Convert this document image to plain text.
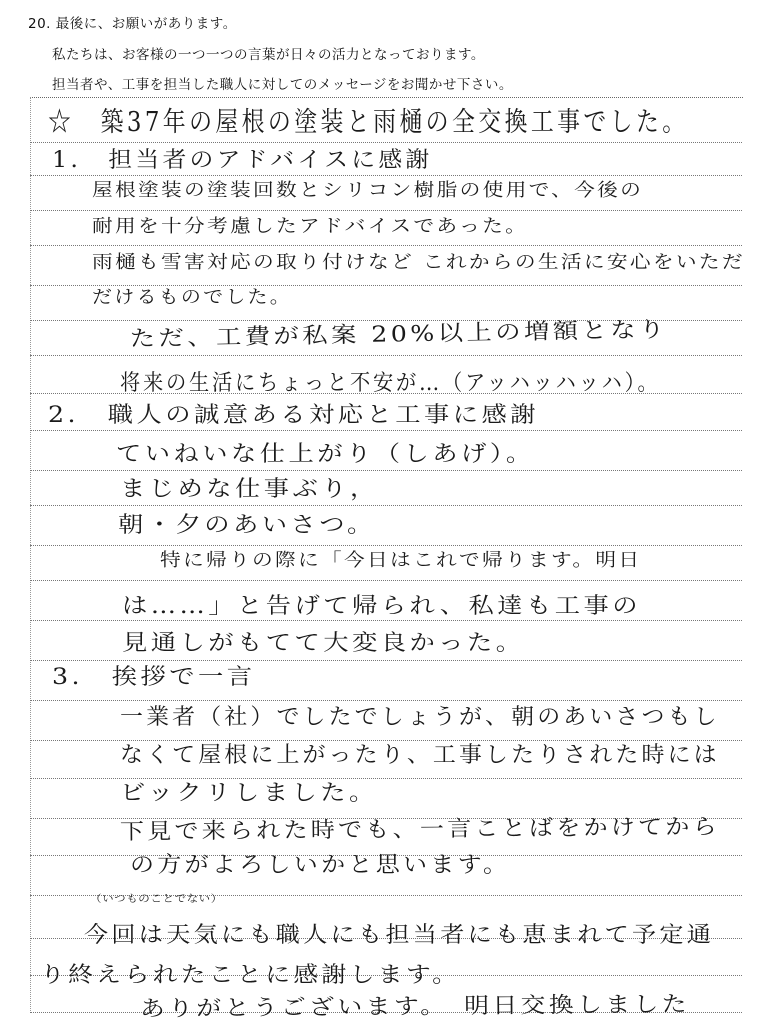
20. 最後に、お願いがあります。
私たちは、お客様の一つ一つの言葉が日々の活力となっております。
担当者や、工事を担当した職人に対してのメッセージをお聞かせ下さい。
☆　築37年の屋根の塗装と雨樋の全交換工事でした。
1.　担当者のアドバイスに感謝
屋根塗装の塗装回数とシリコン樹脂の使用で、今後の
耐用を十分考慮したアドバイスであった。
雨樋も雪害対応の取り付けなど これからの生活に安心をいただ
だけるものでした。
ただ、工費が私案 20%以上の増額となり
将来の生活にちょっと不安が…（アッハッハッハ）。
2.　職人の誠意ある対応と工事に感謝
ていねいな仕上がり（しあげ）。
まじめな仕事ぶり，
朝・夕のあいさつ。
特に帰りの際に「今日はこれで帰ります。明日
は……」と告げて帰られ、私達も工事の
見通しがもてて大変良かった。
3.　挨拶で一言
一業者（社）でしたでしょうが、朝のあいさつもし
なくて屋根に上がったり、工事したりされた時には
ビックリしました。
下見で来られた時でも、一言ことばをかけてから
の方がよろしいかと思います。
（いつものことでない）
今回は天気にも職人にも担当者にも恵まれて予定通
り終えられたことに感謝します。
ありがとうございます。　明日交換しました
